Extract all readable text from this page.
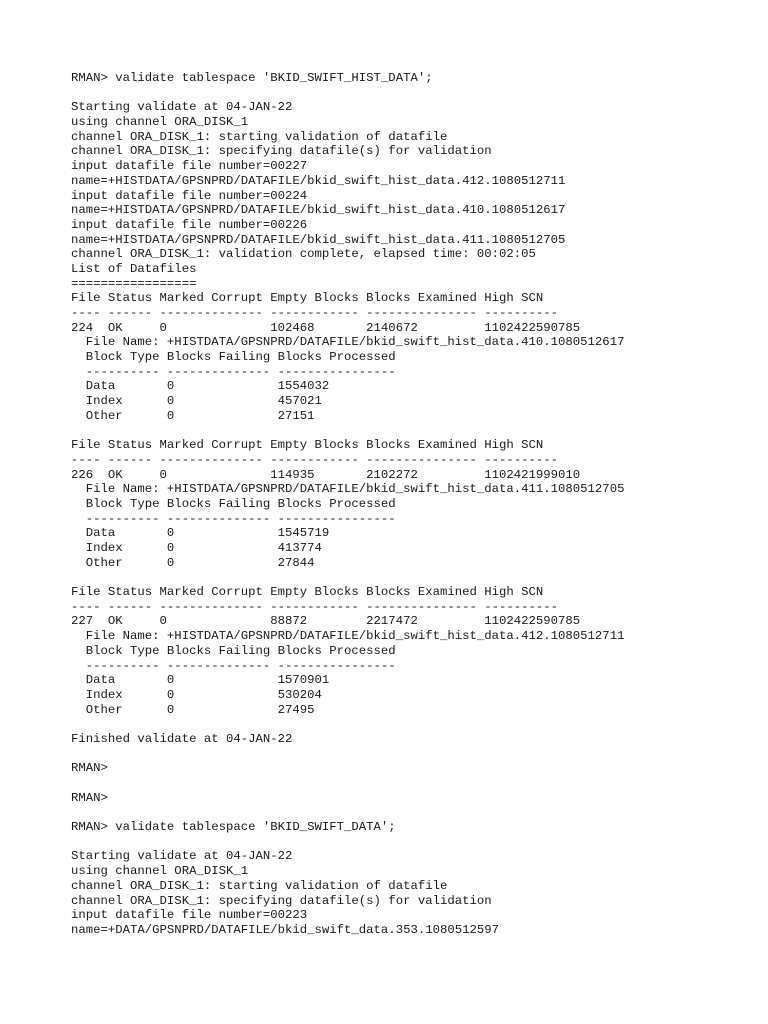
RMAN> validate tablespace 'BKID_SWIFT_HIST_DATA';
Starting validate at 04-JAN-22
using channel ORA_DISK_1
channel ORA_DISK_1: starting validation of datafile
channel ORA_DISK_1: specifying datafile(s) for validation
input datafile file number=00227
name=+HISTDATA/GPSNPRD/DATAFILE/bkid_swift_hist_data.412.1080512711
input datafile file number=00224
name=+HISTDATA/GPSNPRD/DATAFILE/bkid_swift_hist_data.410.1080512617
input datafile file number=00226
name=+HISTDATA/GPSNPRD/DATAFILE/bkid_swift_hist_data.411.1080512705
channel ORA_DISK_1: validation complete, elapsed time: 00:02:05
List of Datafiles
=================
File Status Marked Corrupt Empty Blocks Blocks Examined High SCN
---- ------ -------------- ------------ --------------- ----------
224  OK     0              102468       2140672         1102422590785
File Name: +HISTDATA/GPSNPRD/DATAFILE/bkid_swift_hist_data.410.1080512617
Block Type Blocks Failing Blocks Processed
---------- -------------- ----------------
Data       0              1554032
Index      0              457021
Other      0              27151
File Status Marked Corrupt Empty Blocks Blocks Examined High SCN
---- ------ -------------- ------------ --------------- ----------
226  OK     0              114935       2102272         1102421999010
File Name: +HISTDATA/GPSNPRD/DATAFILE/bkid_swift_hist_data.411.1080512705
Block Type Blocks Failing Blocks Processed
---------- -------------- ----------------
Data       0              1545719
Index      0              413774
Other      0              27844
File Status Marked Corrupt Empty Blocks Blocks Examined High SCN
---- ------ -------------- ------------ --------------- ----------
227  OK     0              88872        2217472         1102422590785
File Name: +HISTDATA/GPSNPRD/DATAFILE/bkid_swift_hist_data.412.1080512711
Block Type Blocks Failing Blocks Processed
---------- -------------- ----------------
Data       0              1570901
Index      0              530204
Other      0              27495
Finished validate at 04-JAN-22
RMAN>
RMAN>
RMAN> validate tablespace 'BKID_SWIFT_DATA';
Starting validate at 04-JAN-22
using channel ORA_DISK_1
channel ORA_DISK_1: starting validation of datafile
channel ORA_DISK_1: specifying datafile(s) for validation
input datafile file number=00223
name=+DATA/GPSNPRD/DATAFILE/bkid_swift_data.353.1080512597
